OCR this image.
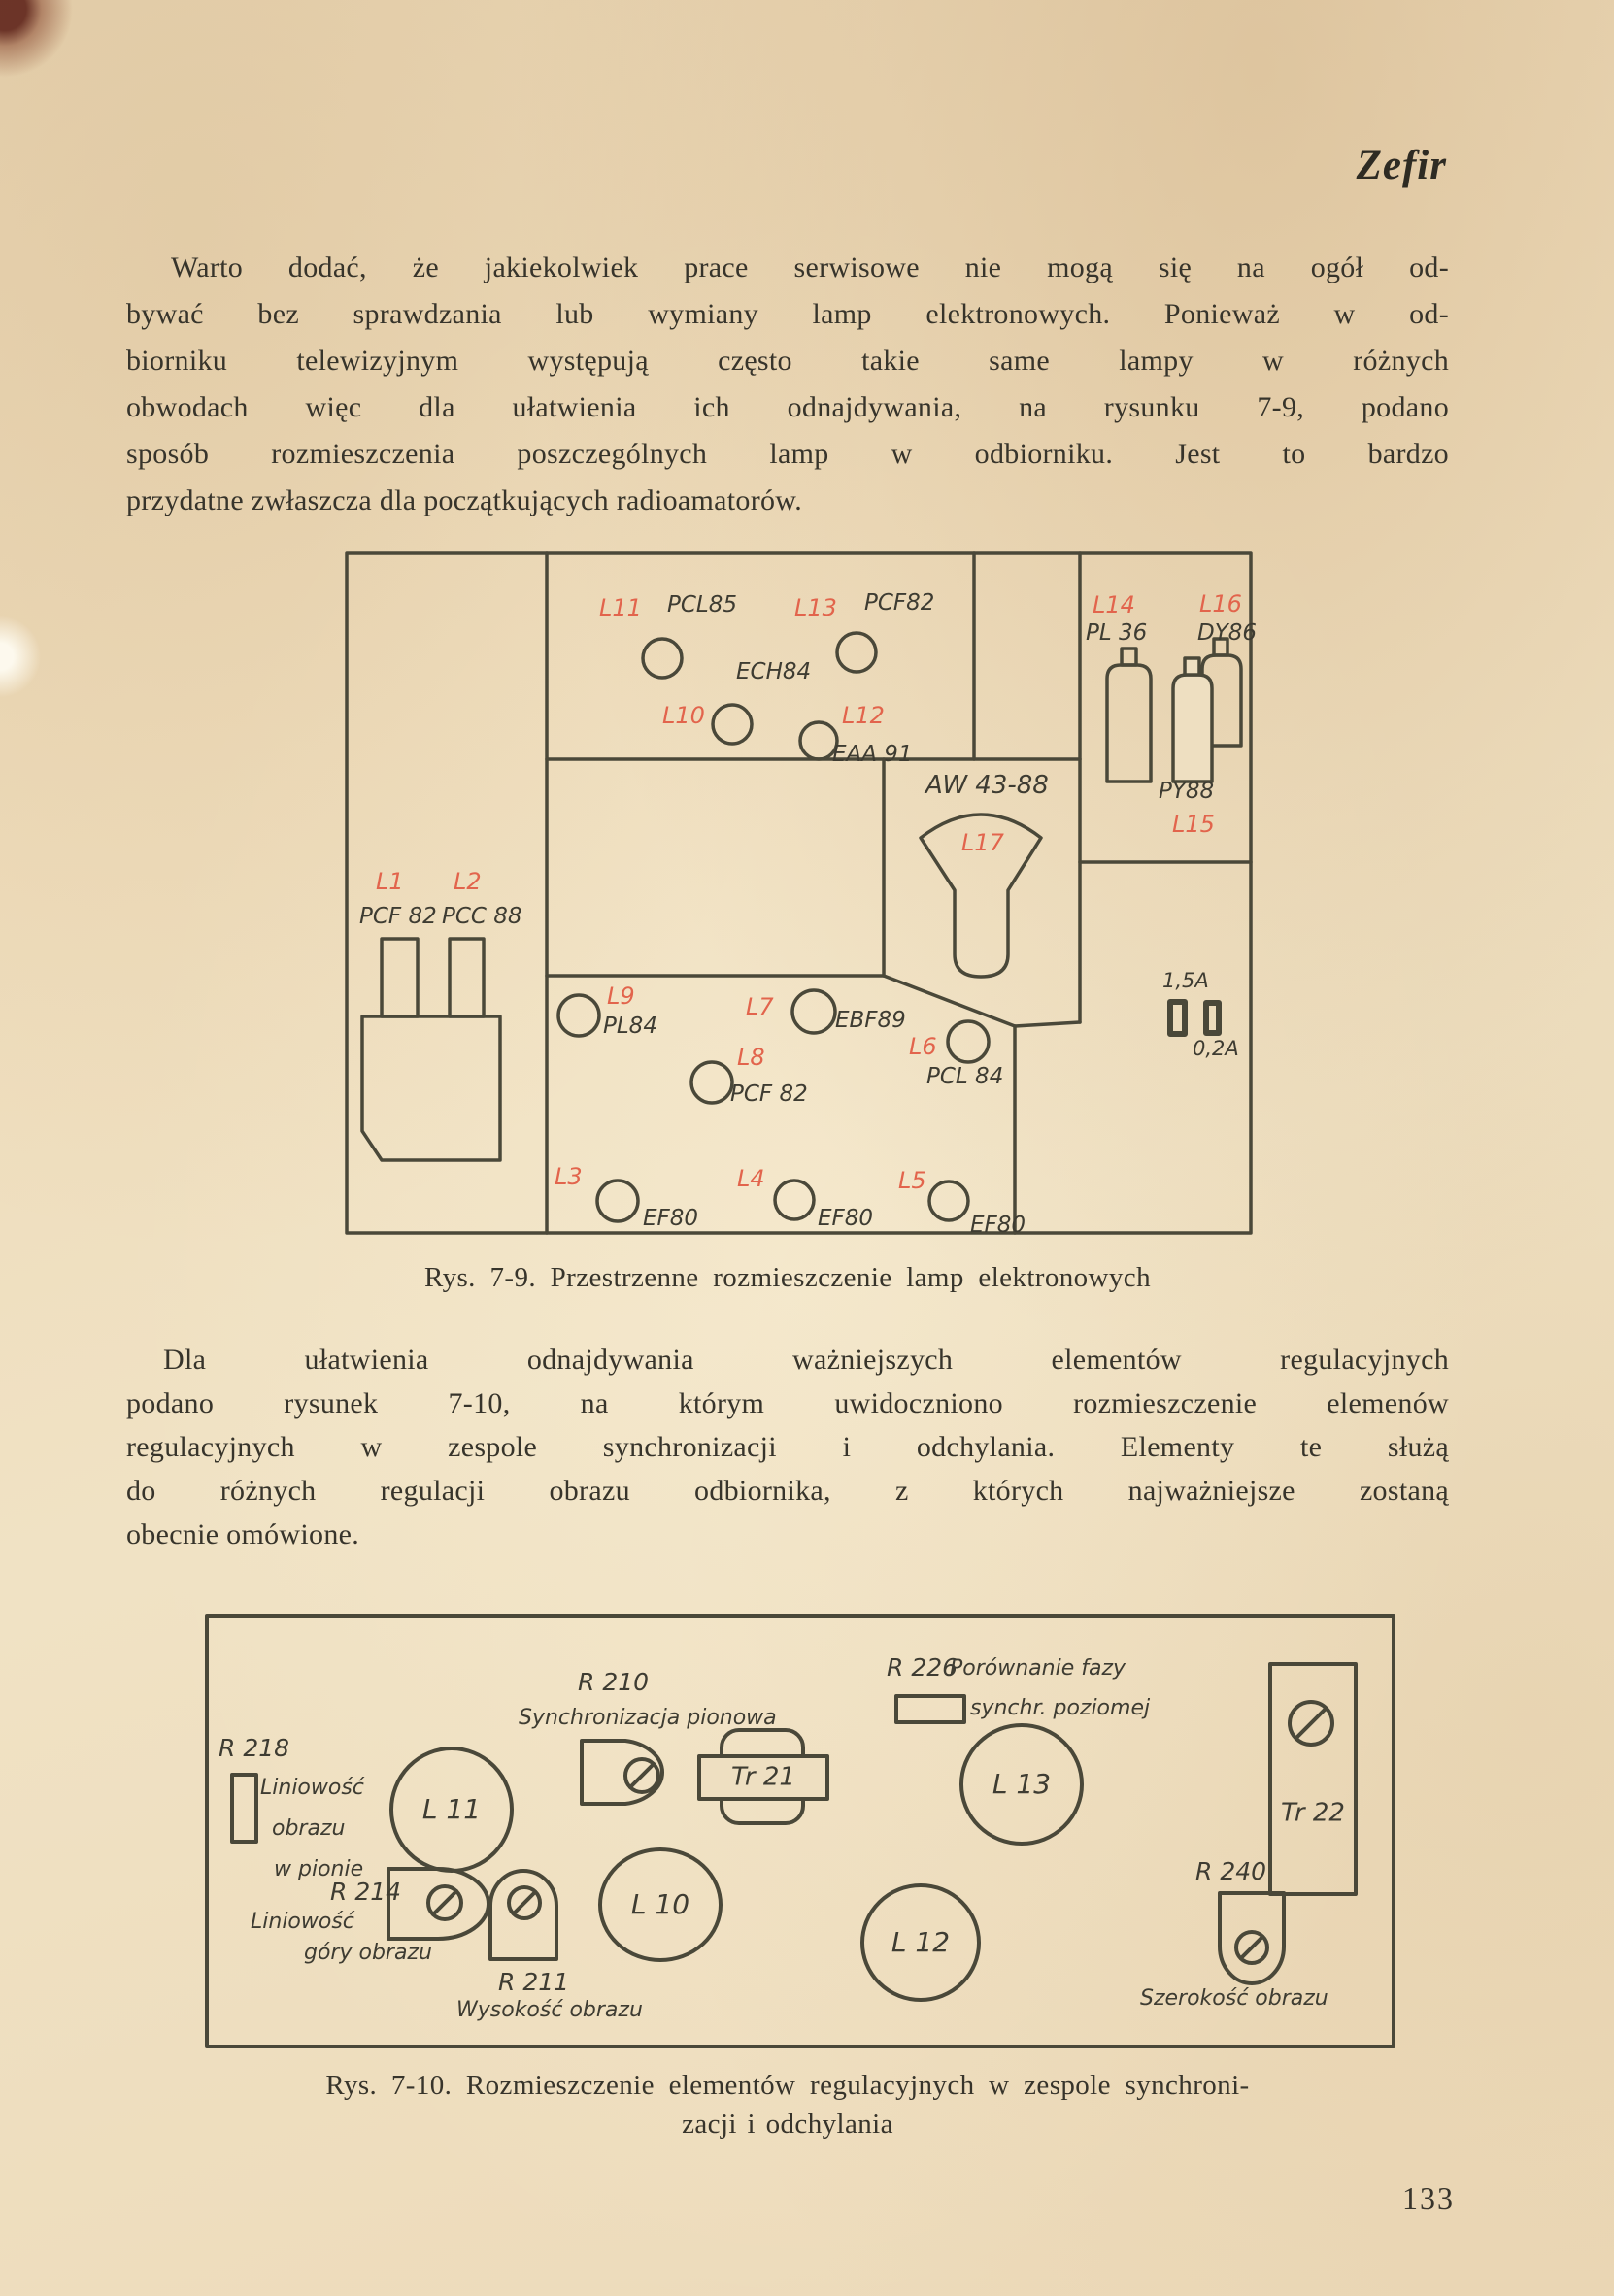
Zefir
Warto dodać, że jakiekolwiek prace serwisowe nie mogą się na ogół od-
bywać bez sprawdzania lub wymiany lamp elektronowych. Ponieważ w od-
biorniku telewizyjnym występują często takie same lampy w różnych
obwodach więc dla ułatwienia ich odnajdywania, na rysunku 7-9, podano
sposób rozmieszczenia poszczególnych lamp w odbiorniku. Jest to bardzo
przydatne zwłaszcza dla początkujących radioamatorów.
L11
L10
L13
L12
L14	L16
L15
L17
L1 L2
L9	L7
L8	L6
L3	L4	L5
PCL85
ECH84
PCF82
EAA 91
PL 36 DY86
PY88
AW 43-88
PCF 82 PCC 88
PL84	EBF89
PCF 82
PCL 84
EF80	EF80	EF80
1,5A
0,2A
Rys. 7-9. Przestrzenne rozmieszczenie lamp elektronowych
Dla ułatwienia odnajdywania ważniejszych elementów regulacyjnych
podano rysunek 7-10, na którym uwidoczniono rozmieszczenie elemenów
regulacyjnych w zespole synchronizacji i odchylania. Elementy te służą
do różnych regulacji obrazu odbiornika, z których najważniejsze zostaną
obecnie omówione.
R 218
Liniowość
obrazu
w pionie
L 11
R 210
Synchronizacja pionowa
Tr 21
R 214
Liniowość
góry obrazu
R 211
Wysokość obrazu
L 10
R 226
Porównanie fazy
synchr. poziomej
L 13
L 12
Tr 22
R 240
Szerokość obrazu
Rys. 7-10. Rozmieszczenie elementów regulacyjnych w zespole synchroni-
zacji i odchylania
133
